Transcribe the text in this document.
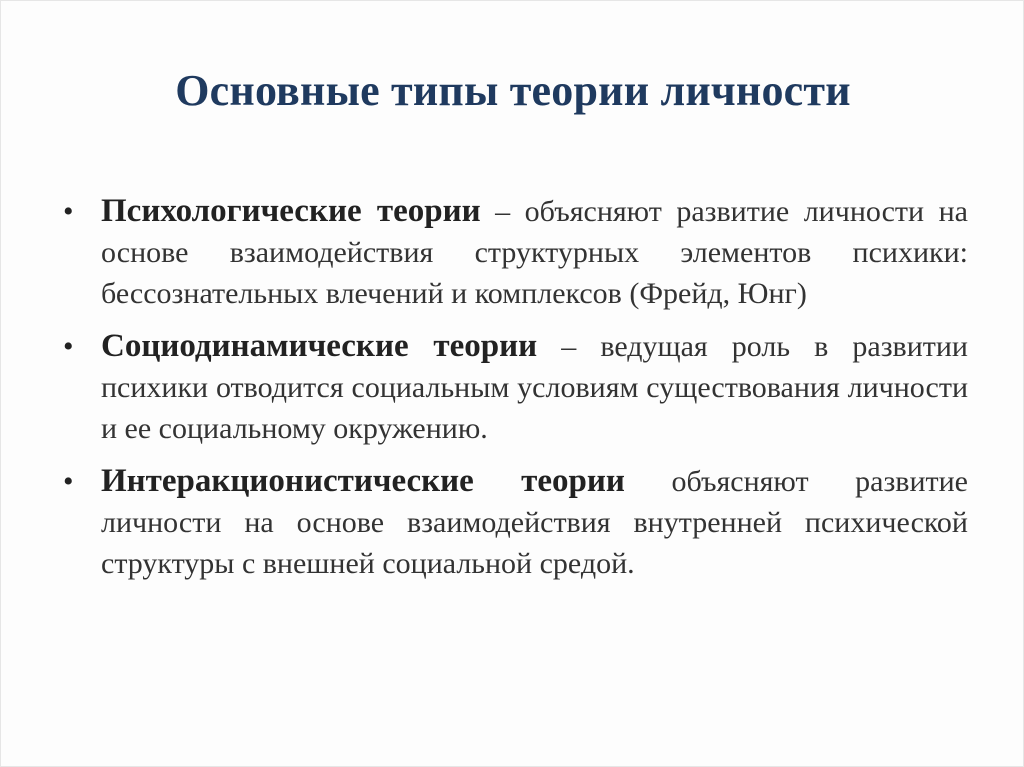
Основные типы теории личности
• Психологические теории – объясняют развитие личности на основе взаимодействия структурных элементов психики: бессознательных влечений и комплексов (Фрейд, Юнг)
• Социодинамические теории – ведущая роль в развитии психики отводится социальным условиям существования личности и ее социальному окружению.
• Интеракционистические теории объясняют развитие личности на основе взаимодействия внутренней психической структуры с внешней социальной средой.
